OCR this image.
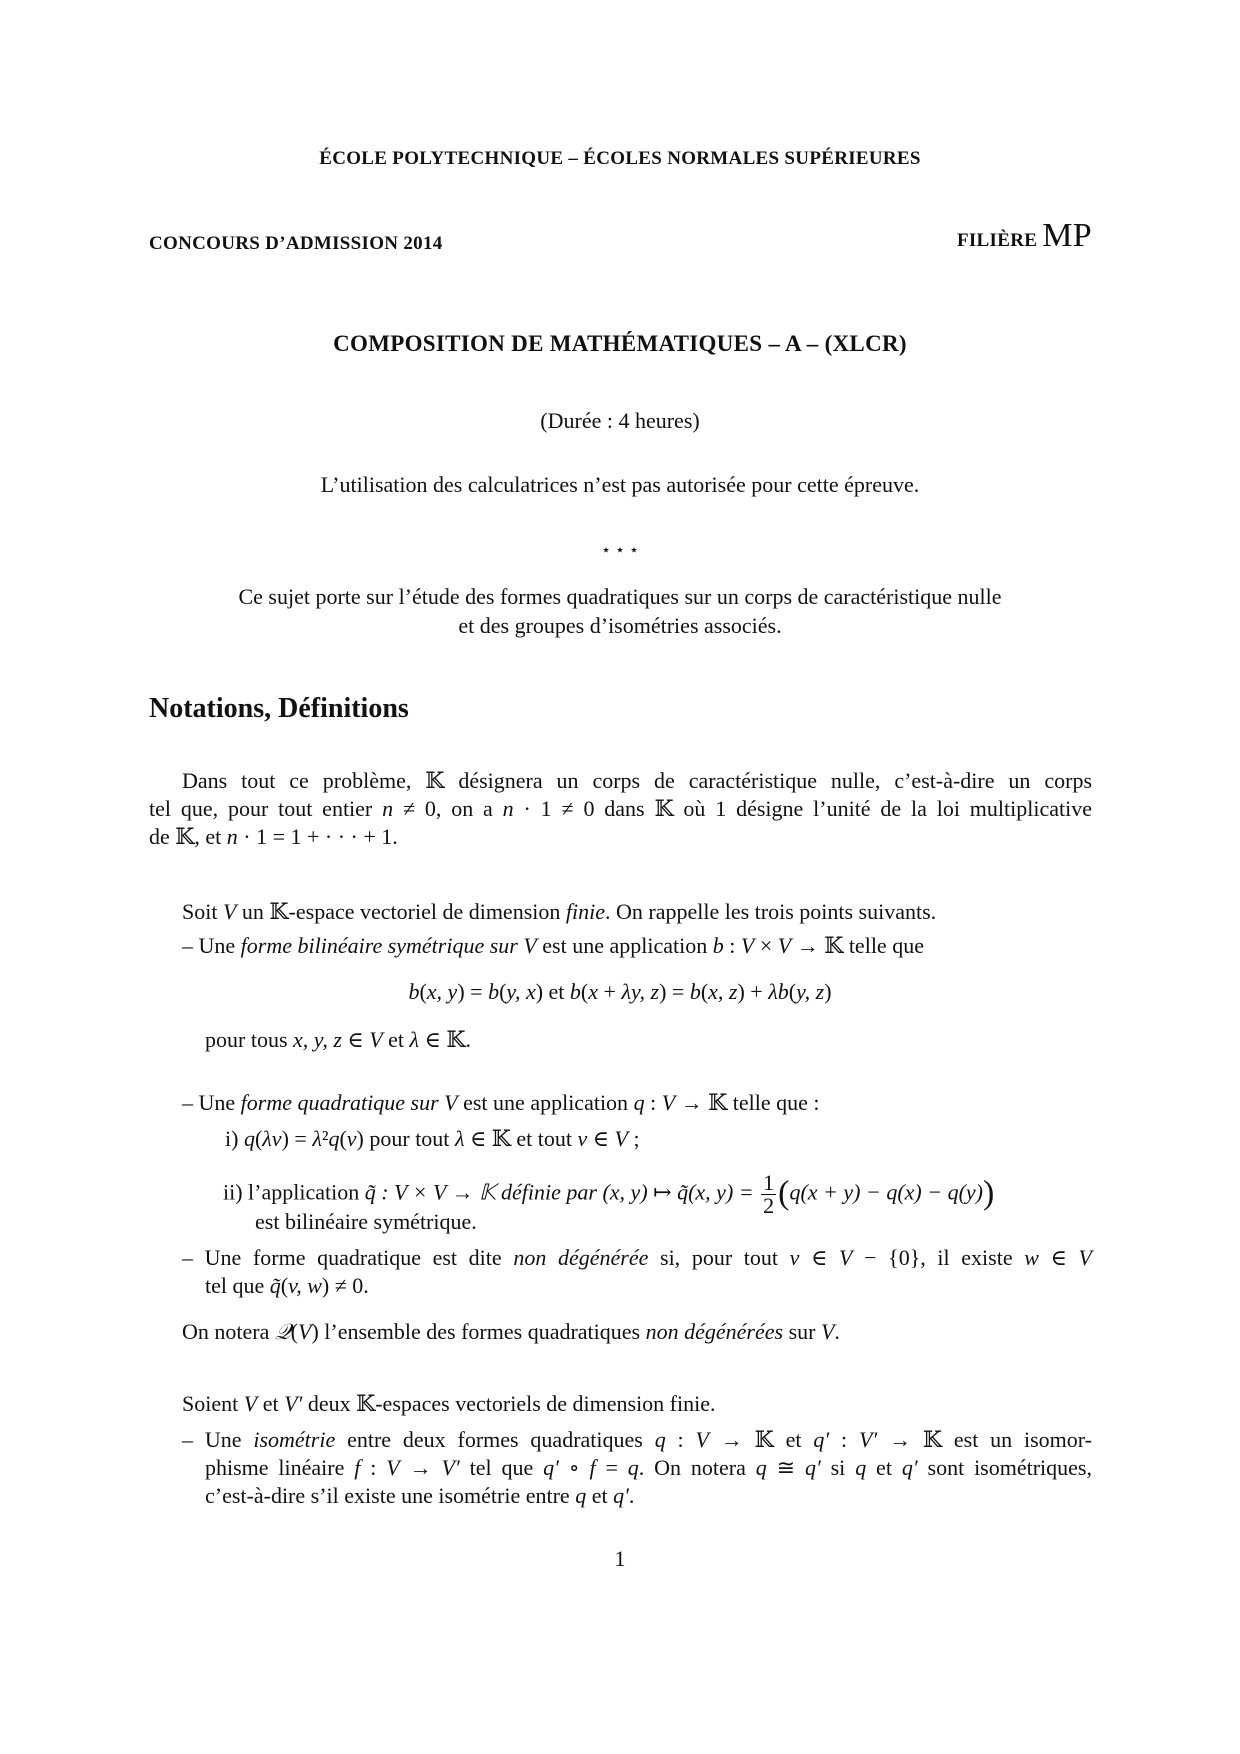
ÉCOLE POLYTECHNIQUE – ÉCOLES NORMALES SUPÉRIEURES
CONCOURS D’ADMISSION 2014	FILIÈRE MP
COMPOSITION DE MATHÉMATIQUES – A – (XLCR)
(Durée : 4 heures)
L’utilisation des calculatrices n’est pas autorisée pour cette épreuve.
⋆ ⋆ ⋆
Ce sujet porte sur l’étude des formes quadratiques sur un corps de caractéristique nulle
et des groupes d’isométries associés.
Notations, Définitions
Dans tout ce problème, 𝕂 désignera un corps de caractéristique nulle, c’est-à-dire un corps
tel que, pour tout entier n ≠ 0, on a n · 1 ≠ 0 dans 𝕂 où 1 désigne l’unité de la loi multiplicative
de 𝕂, et n · 1 = 1 + · · · + 1.
Soit V un 𝕂-espace vectoriel de dimension finie. On rappelle les trois points suivants.
– Une forme bilinéaire symétrique sur V est une application b : V × V → 𝕂 telle que
b(x, y) = b(y, x) et b(x + λy, z) = b(x, z) + λb(y, z)
pour tous x, y, z ∈ V et λ ∈ 𝕂.
– Une forme quadratique sur V est une application q : V → 𝕂 telle que :
i) q(λv) = λ²q(v) pour tout λ ∈ 𝕂 et tout v ∈ V ;
est bilinéaire symétrique.
– Une forme quadratique est dite non dégénérée si, pour tout v ∈ V − {0}, il existe w ∈ V
tel que q̃(v, w) ≠ 0.
On notera 𝒬(V) l’ensemble des formes quadratiques non dégénérées sur V.
Soient V et V′ deux 𝕂-espaces vectoriels de dimension finie.
– Une isométrie entre deux formes quadratiques q : V → 𝕂 et q′ : V′ → 𝕂 est un isomor-
phisme linéaire f : V → V′ tel que q′ ∘ f = q. On notera q ≅ q′ si q et q′ sont isométriques,
c’est-à-dire s’il existe une isométrie entre q et q′.
ii) l’application q̃ : V × V → 𝕂 définie par (x, y) ↦ q̃(x, $y) = \frac{1}{2} (q(x + y) - q(x) - q(y))$
1
